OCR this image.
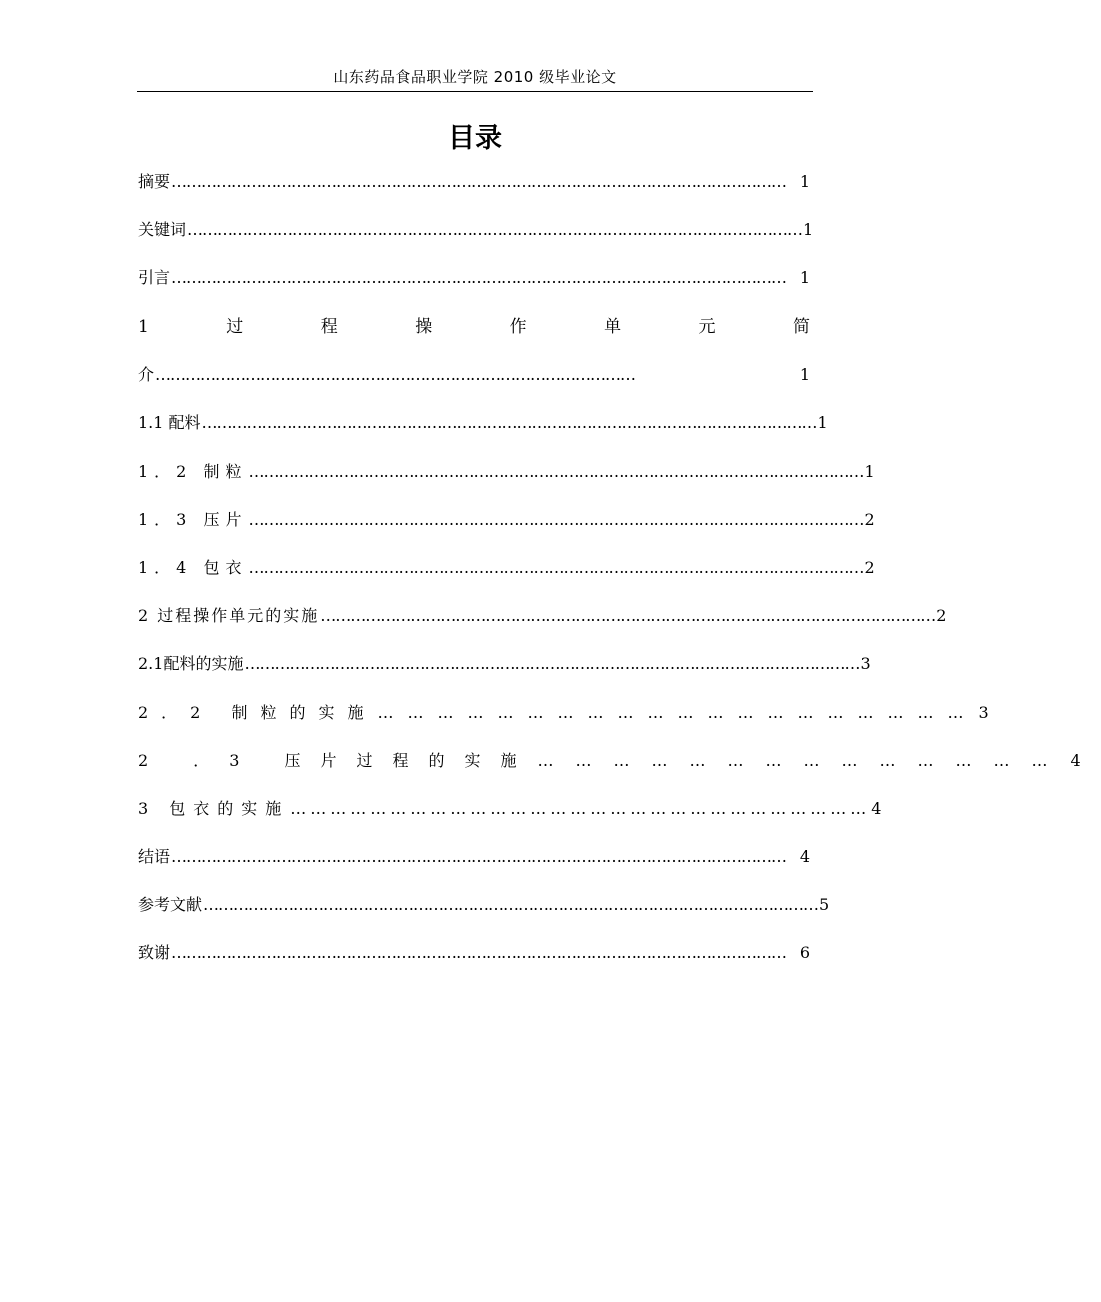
山东药品食品职业学院 2010 级毕业论文
目录
摘要 …………………………………………………………………………………………………………… 1
关键词 …………………………………………………………………………………………………………… 1
引言 …………………………………………………………………………………………………………… 1
1	过	程	操	作	单	元	简
介 ……………………………………………………………………………………	1
1.1 配料 …………………………………………………………………………………………………………… 1
1．2 制粒 …………………………………………………………………………………………………………… 1
1．3 压片 …………………………………………………………………………………………………………… 2
1．4 包衣 …………………………………………………………………………………………………………… 2
2 过程操作单元的实施 …………………………………………………………………………………………………………… 2
2.1配料的实施 …………………………………………………………………………………………………………… 3
2．2 制粒的实施 …………………………………………………… 3
2 ．3 压片过程的实施 …………………………………… 4
3 包衣的实施 …………………………………………………………………………… 4
结语 …………………………………………………………………………………………………………… 4
参考文献 …………………………………………………………………………………………………………… 5
致谢 …………………………………………………………………………………………………………… 6
